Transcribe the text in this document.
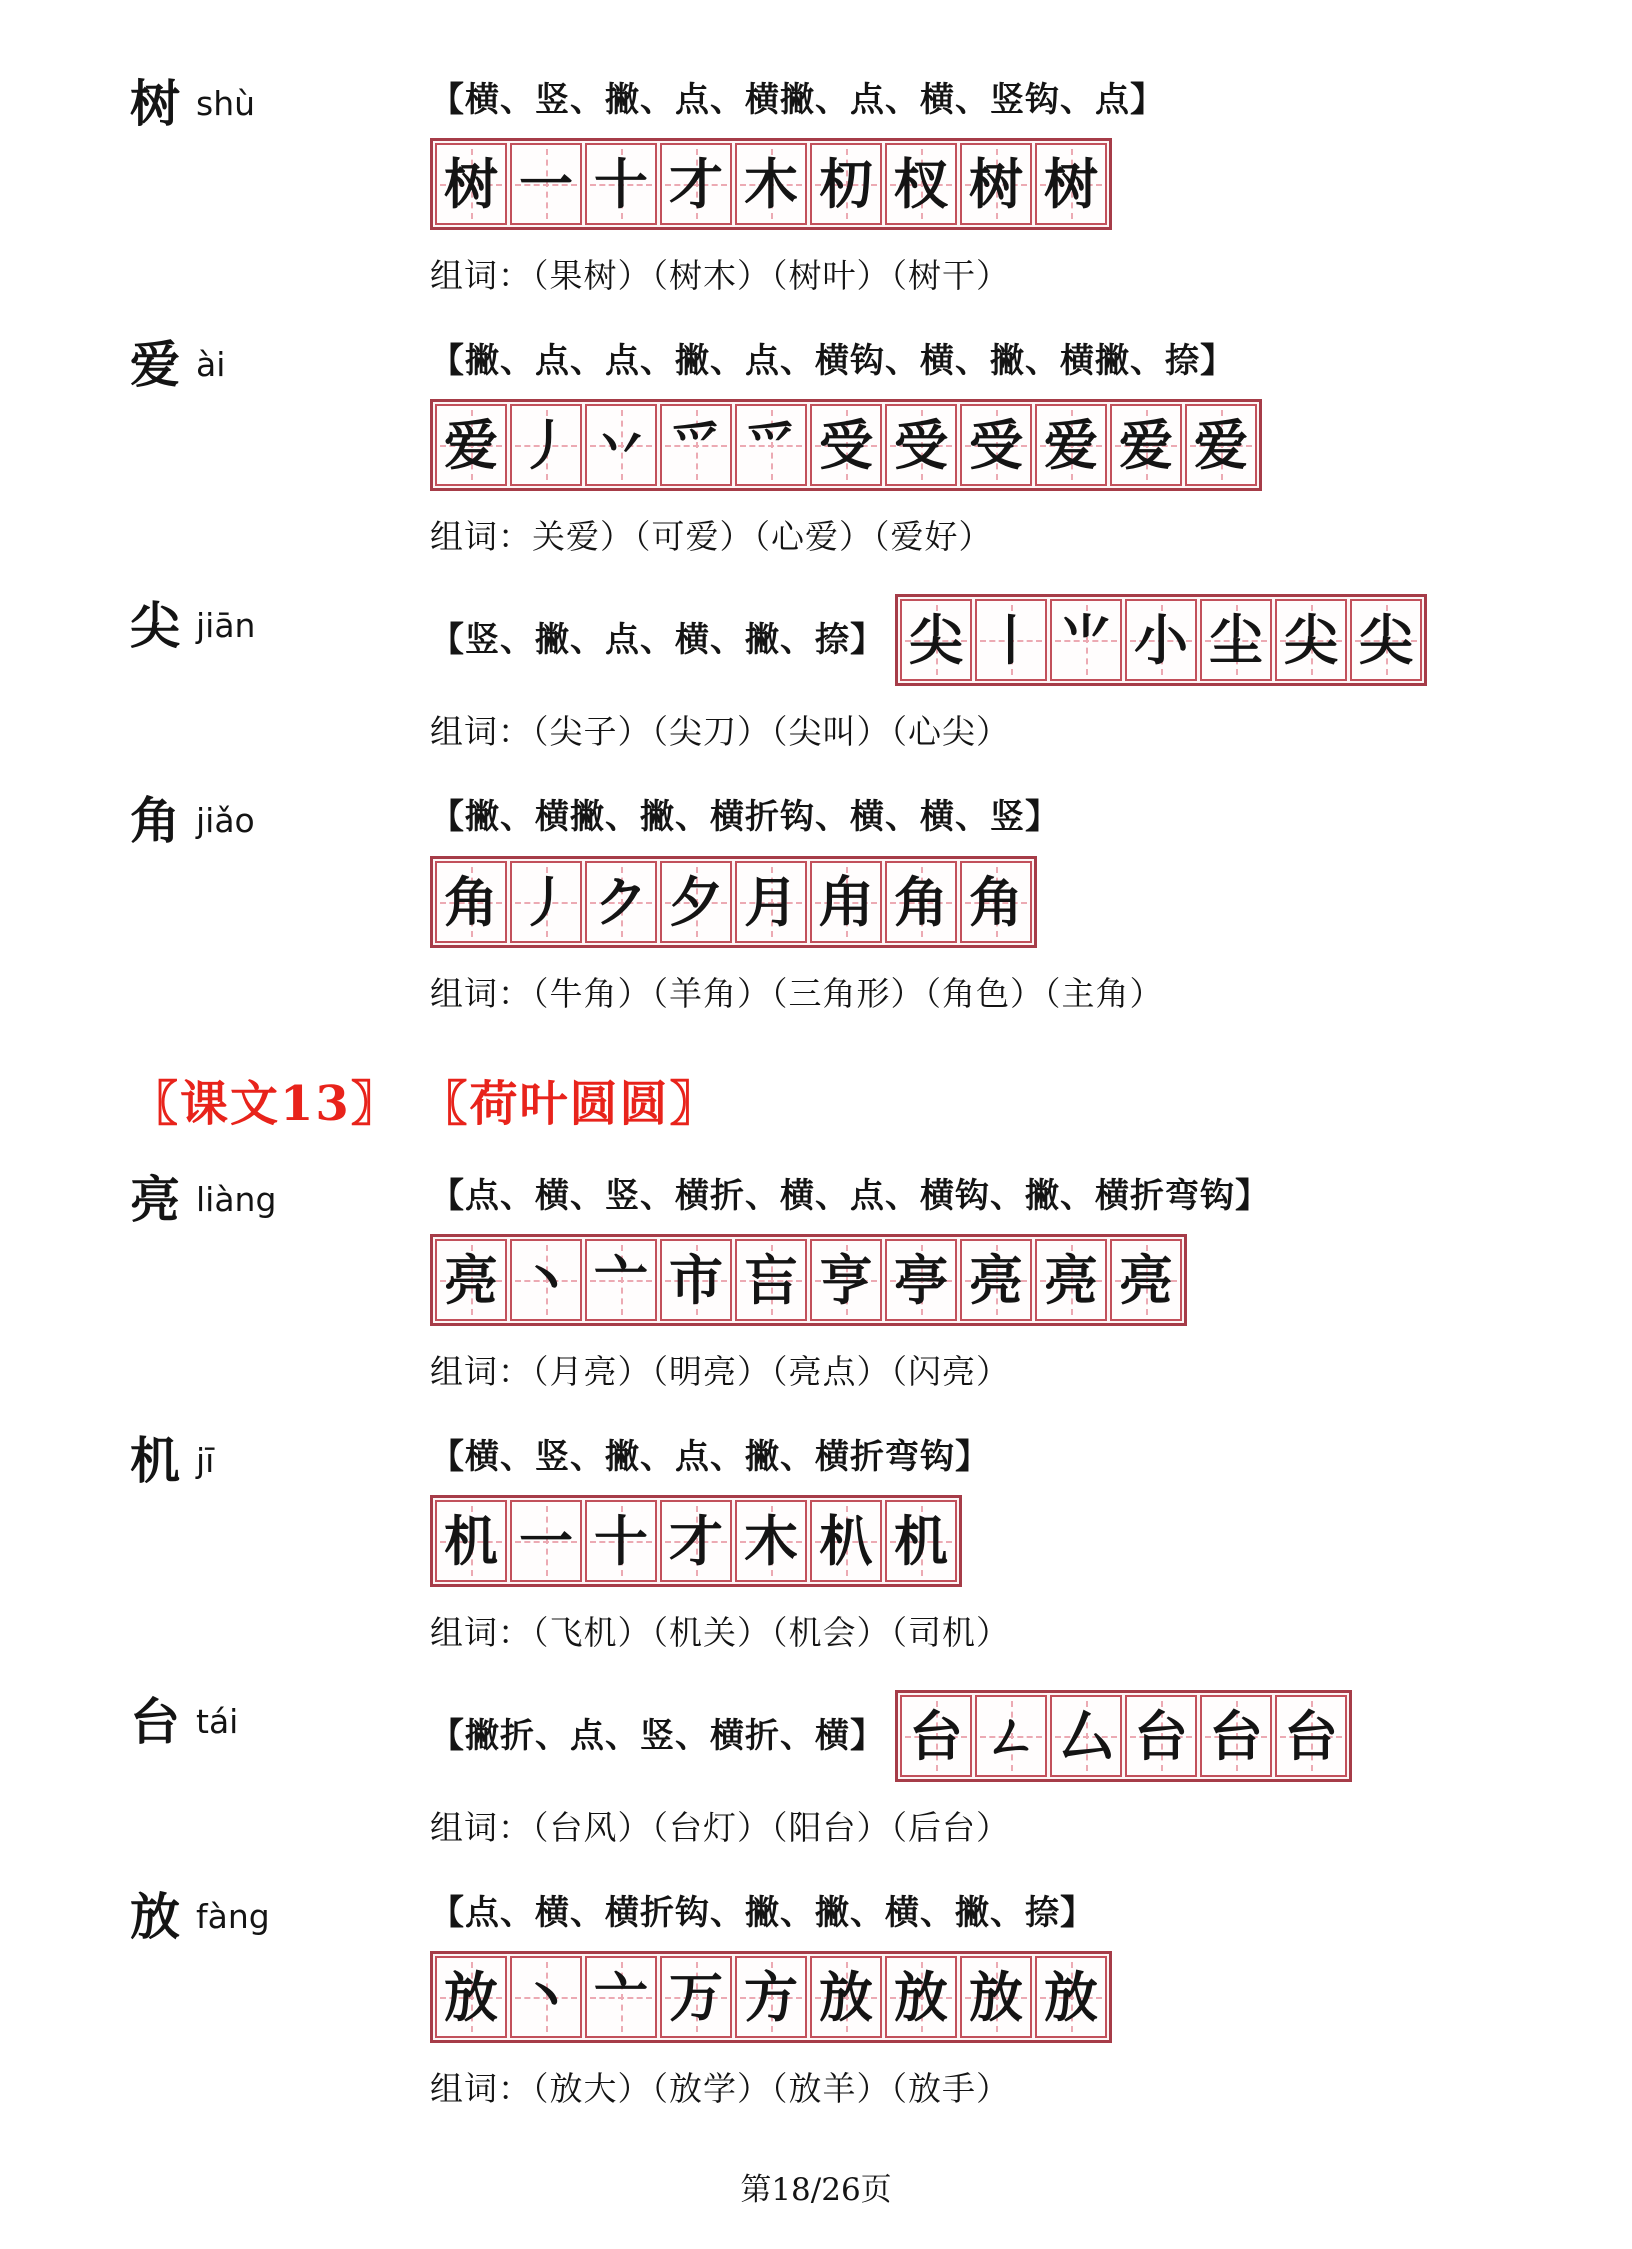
树 shù	【横、竖、撇、点、横撇、点、横、竖钩、点】
树 一 十 才 木 朷 杈 树 树
组词：（果树）（树木）（树叶）（树干）
爱 ài	【撇、点、点、撇、点、横钩、横、撇、横撇、捺】
爱 丿 丷 爫 爫 受 受 受 爱 爱 爱
组词：关爱）（可爱）（心爱）（爱好）
尖 jiān	【竖、撇、点、横、撇、捺】 尖 丨 ⺌ 小 尘 尖 尖
组词：（尖子）（尖刀）（尖叫）（心尖）
角 jiǎo	【撇、横撇、撇、横折钩、横、横、竖】
角 丿 ク 夕 月 甪 角 角
组词：（牛角）（羊角）（三角形）（角色）（主角）
〖课文13〗 〖荷叶圆圆〗
亮 liàng	【点、横、竖、横折、横、点、横钩、撇、横折弯钩】
亮 丶 亠 市 吂 亨 亭 亮 亮 亮
组词：（月亮）（明亮）（亮点）（闪亮）
机 jī	【横、竖、撇、点、撇、横折弯钩】
机 一 十 才 木 朳 机
组词：（飞机）（机关）（机会）（司机）
台 tái	【撇折、点、竖、横折、横】 台 ㄥ 厶 台 台 台
组词：（台风）（台灯）（阳台）（后台）
放 fàng	【点、横、横折钩、撇、撇、横、撇、捺】
放 丶 亠 万 方 放 放 放 放
组词：（放大）（放学）（放羊）（放手）
第18/26页
